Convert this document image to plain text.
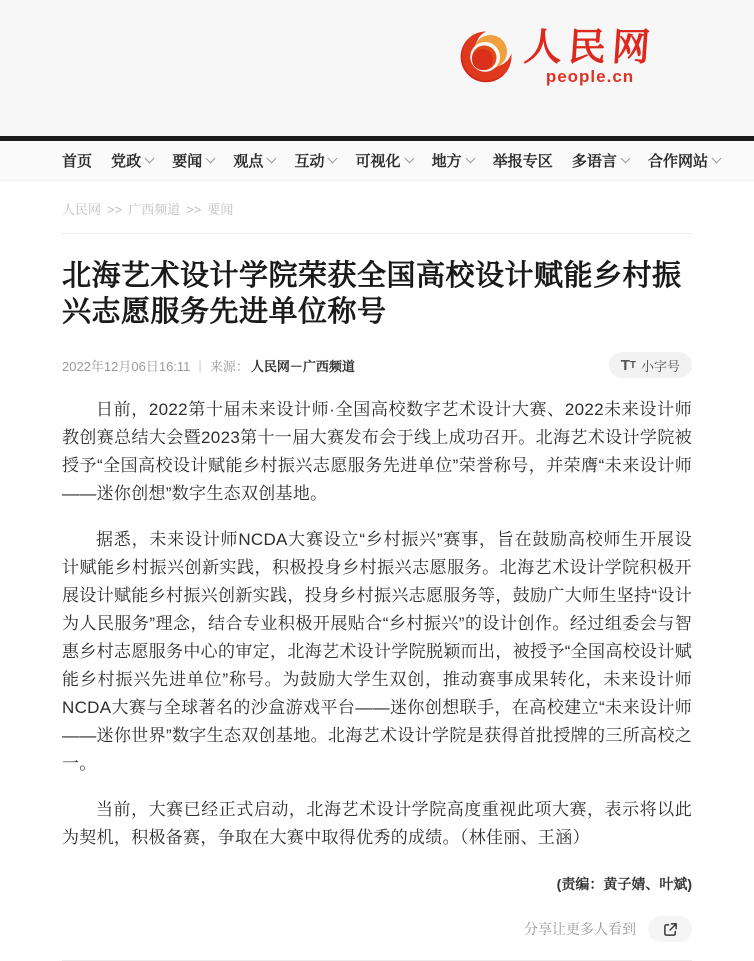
人民网
people.cn
首页 党政 要闻 观点 互动 可视化 地方 举报专区 多语言 合作网站
人民网 >> 广西频道 >> 要闻
北海艺术设计学院荣获全国高校设计赋能乡村振兴志愿服务先进单位称号
2022年12月06日16:11 | 来源： 人民网－广西频道	T T 小字号

日前，2022第十届未来设计师·全国高校数字艺术设计大赛、2022未来设计师教创赛总结大会暨2023第十一届大赛发布会于线上成功召开。北海艺术设计学院被授予“全国高校设计赋能乡村振兴志愿服务先进单位”荣誉称号，并荣膺“未来设计师——迷你创想”数字生态双创基地。

据悉，未来设计师NCDA大赛设立“乡村振兴”赛事，旨在鼓励高校师生开展设计赋能乡村振兴创新实践，积极投身乡村振兴志愿服务。北海艺术设计学院积极开展设计赋能乡村振兴创新实践，投身乡村振兴志愿服务等，鼓励广大师生坚持“设计为人民服务”理念，结合专业积极开展贴合“乡村振兴”的设计创作。经过组委会与智惠乡村志愿服务中心的审定，北海艺术设计学院脱颖而出，被授予“全国高校设计赋能乡村振兴先进单位”称号。为鼓励大学生双创，推动赛事成果转化，未来设计师NCDA大赛与全球著名的沙盒游戏平台——迷你创想联手，在高校建立“未来设计师——迷你世界”数字生态双创基地。北海艺术设计学院是获得首批授牌的三所高校之一。

当前，大赛已经正式启动，北海艺术设计学院高度重视此项大赛，表示将以此为契机，积极备赛，争取在大赛中取得优秀的成绩。（林佳丽、王涵）

(责编：黄子婧、叶斌)
分享让更多人看到
